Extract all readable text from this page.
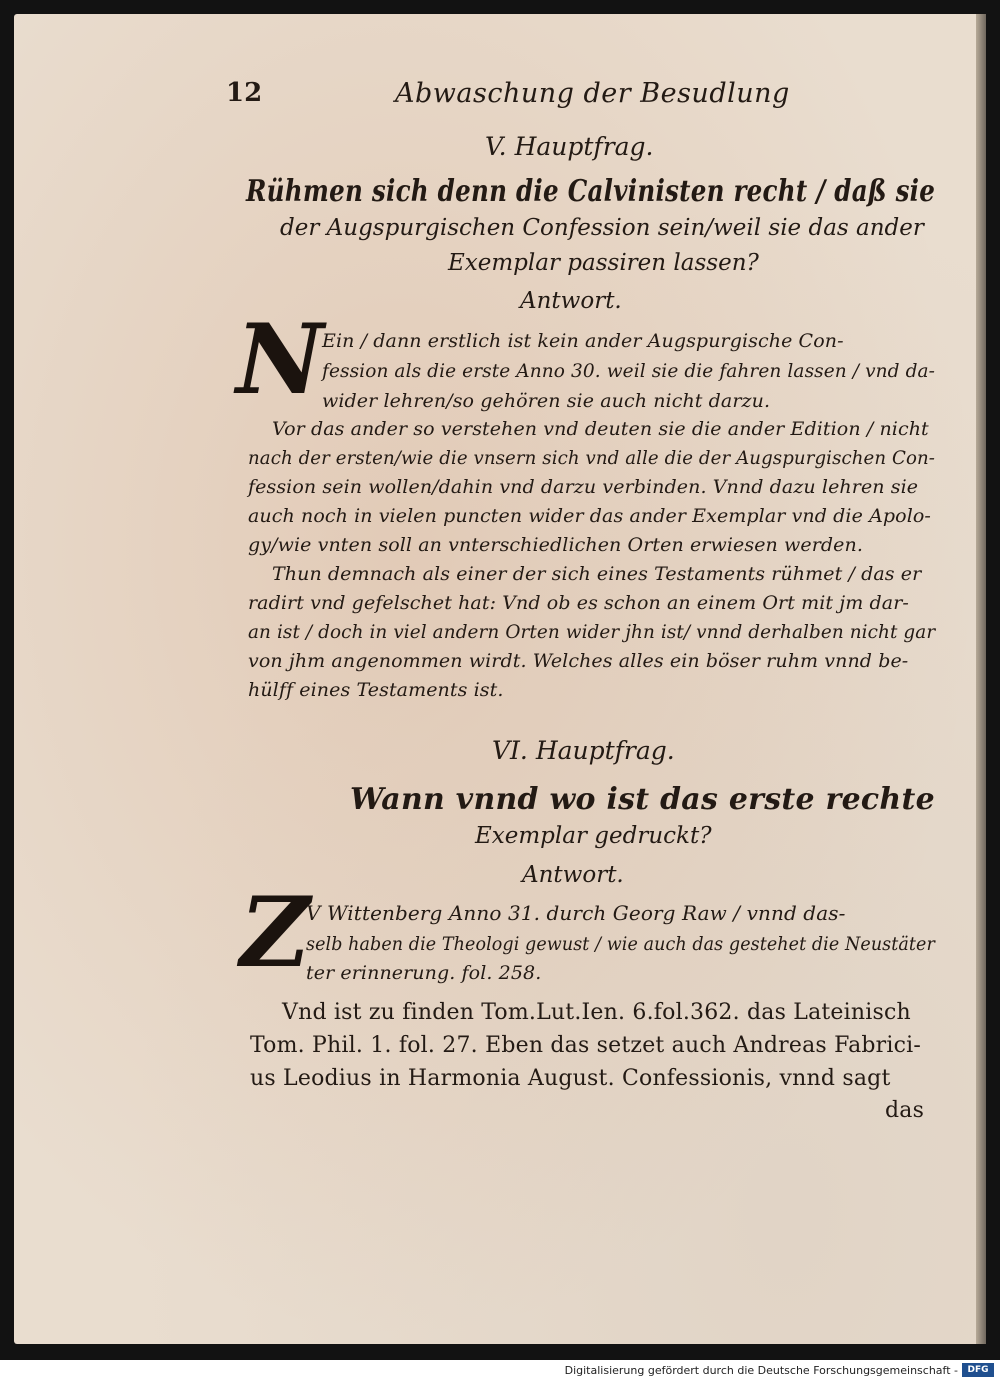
12	Abwaschung der Besudlung
V. Hauptfrag.
Rühmen sich denn die Calvinisten recht / daß sie
der Augspurgischen Confession sein/weil sie das ander
Exemplar passiren lassen?
Antwort.
N
Ein / dann erstlich ist kein ander Augspurgische Con-
fession als die erste Anno 30. weil sie die fahren lassen / vnd da-
wider lehren/so gehören sie auch nicht darzu.
Vor das ander so verstehen vnd deuten sie die ander Edition / nicht
nach der ersten/wie die vnsern sich vnd alle die der Augspurgischen Con-
fession sein wollen/dahin vnd darzu verbinden. Vnnd dazu lehren sie
auch noch in vielen puncten wider das ander Exemplar vnd die Apolo-
gy/wie vnten soll an vnterschiedlichen Orten erwiesen werden.
Thun demnach als einer der sich eines Testaments rühmet / das er
radirt vnd gefelschet hat: Vnd ob es schon an einem Ort mit jm dar-
an ist / doch in viel andern Orten wider jhn ist/ vnnd derhalben nicht gar
von jhm angenommen wirdt. Welches alles ein böser ruhm vnnd be-
hülff eines Testaments ist.
VI. Hauptfrag.
Wann vnnd wo ist das erste rechte
Exemplar gedruckt?
Antwort.
Z
V Wittenberg Anno 31. durch Georg Raw / vnnd das-
selb haben die Theologi gewust / wie auch das gestehet die Neustäter
ter erinnerung. fol. 258.
Vnd ist zu finden Tom.Lut.Ien. 6.fol.362. das Lateinisch
Tom. Phil. 1. fol. 27. Eben das setzet auch Andreas Fabrici-
us Leodius in Harmonia August. Confessionis, vnnd sagt
das
Digitalisierung gefördert durch die Deutsche Forschungsgemeinschaft -	DFG
